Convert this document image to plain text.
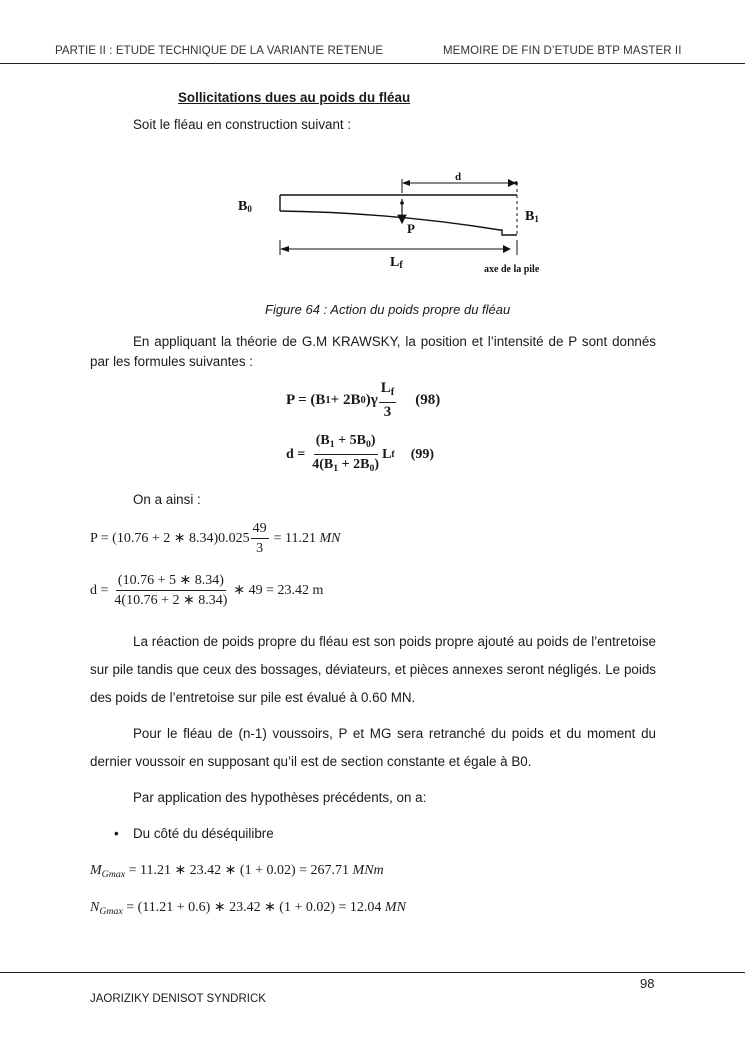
PARTIE II : ETUDE TECHNIQUE DE LA VARIANTE RETENUE	MEMOIRE DE FIN D’ETUDE BTP MASTER II
Sollicitations dues au poids du fléau
Soit le fléau en construction suivant :
B0	B1
d
P
Lf	axe de la pile
Figure 64 : Action du poids propre du fléau
En appliquant la théorie de G.M KRAWSKY, la position et l’intensité de P sont donnés par les formules suivantes :
P = (B 1 + 2B 0 )$\gamma \frac{L_f}{3} (98)$
$d = \frac{(B_1 + 5B_0)}{4(B_1 + 2B_0)}$ L f (99)
On a ainsi :
P = (10.76 + 2 ∗ $8.34)0.025 \frac{49}{3} = 11.21$
MN
$d = \frac{(10.76 + 5 ∗ 8.34)}{4(10.76 + 2 ∗ 8.34)}$ ∗ 49 = 23.42 m
La réaction de poids propre du fléau est son poids propre ajouté au poids de l’entretoise sur pile tandis que ceux des bossages, déviateurs, et pièces annexes seront négligés. Le poids des poids de l’entretoise sur pile est évalué à 0.60 MN.
Pour le fléau de (n-1) voussoirs, P et MG sera retranché du poids et du moment du dernier voussoir en supposant qu’il est de section constante et égale à B0.
Par application des hypothèses précédents, on a:
• Du côté du déséquilibre
$M_{Gmax} = 11.21$ ∗ 23.42 ∗ (1 + 0.02) = 267.71 MNm
$N_{Gmax} = (11.21 + 0.6)$ ∗ 23.42 ∗ (1 + 0.02) = 12.04 MN
98
JAORIZIKY DENISOT SYNDRICK
